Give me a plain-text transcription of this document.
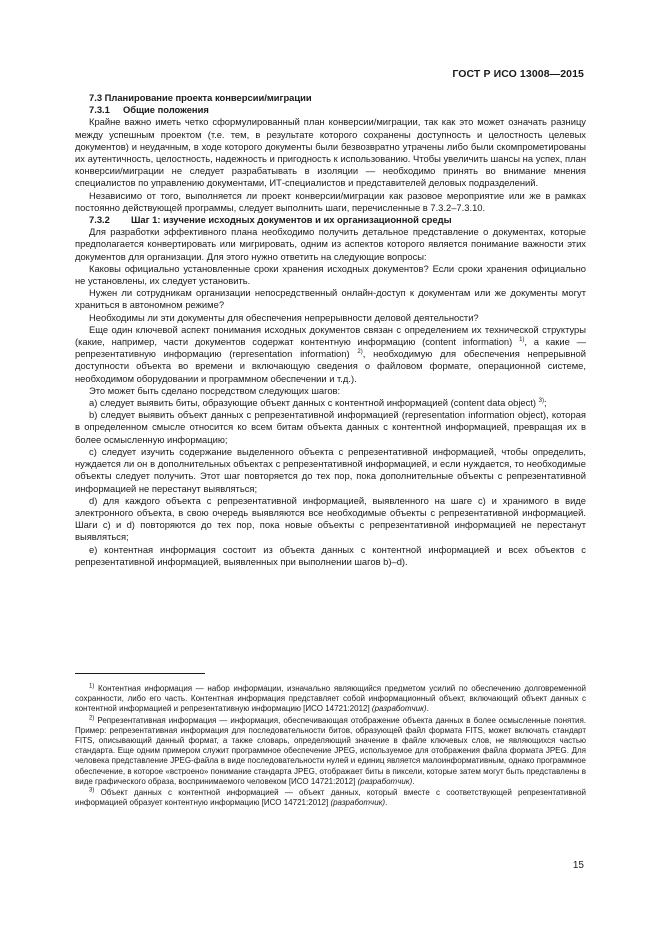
ГОСТ Р ИСО 13008—2015

7.3 Планирование проекта конверсии/миграции

7.3.1	Общие положения

Крайне важно иметь четко сформулированный план конверсии/миграции, так как это может означать разницу между успешным проектом (т.е. тем, в результате которого сохранены доступность и целостность целевых документов) и неудачным, в ходе которого документы были безвозвратно утрачены либо были скомпрометированы их аутентичность, целостность, надежность и пригодность к использованию. Чтобы увеличить шансы на успех, план конверсии/миграции не следует разрабатывать в изоляции — необходимо принять во внимание мнения специалистов по управлению документами, ИТ-специалистов и представителей деловых подразделений.

Независимо от того, выполняется ли проект конверсии/миграции как разовое мероприятие или же в рамках постоянно действующей программы, следует выполнить шаги, перечисленные в 7.3.2–7.3.10.

7.3.2	Шаг 1: изучение исходных документов и их организационной среды

Для разработки эффективного плана необходимо получить детальное представление о документах, которые предполагается конвертировать или мигрировать, одним из аспектов которого является понимание важности этих документов для организации. Для этого нужно ответить на следующие вопросы:

Каковы официально установленные сроки хранения исходных документов? Если сроки хранения официально не установлены, их следует установить.

Нужен ли сотрудникам организации непосредственный онлайн-доступ к документам или же документы могут храниться в автономном режиме?

Необходимы ли эти документы для обеспечения непрерывности деловой деятельности?

Еще один ключевой аспект понимания исходных документов связан с определением их технической структуры (какие, например, части документов содержат контентную информацию (content information) $^{1)}$, а какие — репрезентативную информацию (representation information) $^{2)}$, необходимую для обеспечения непрерывной доступности объекта во времени и включающую сведения о файловом формате, операционной системе, необходимом оборудовании и программном обеспечении и т.д.).

Это может быть сделано посредством следующих шагов:

а) следует выявить биты, образующие объект данных с контентной информацией (content data object) $^{3)}$;

b) следует выявить объект данных с репрезентативной информацией (representation information object), которая в определенном смысле относится ко всем битам объекта данных с контентной информацией, превращая их в более осмысленную информацию;

с) следует изучить содержание выделенного объекта с репрезентативной информацией, чтобы определить, нуждается ли он в дополнительных объектах с репрезентативной информацией, и если нуждается, то необходимые объекты следует получить. Этот шаг повторяется до тех пор, пока дополнительные объекты с репрезентативной информацией не перестанут выявляться;

d) для каждого объекта с репрезентативной информацией, выявленного на шаге с) и хранимого в виде электронного объекта, в свою очередь выявляются все необходимые объекты с репрезентативной информацией. Шаги с) и d) повторяются до тех пор, пока новые объекты с репрезентативной информацией не перестанут выявляться;

е) контентная информация состоит из объекта данных с контентной информацией и всех объектов с репрезентативной информацией, выявленных при выполнении шагов b)–d).

$^{1)}$ Контентная информация — набор информации, изначально являющийся предметом усилий по обеспечению долговременной сохранности, либо его часть. Контентная информация представляет собой информационный объект, включающий объект данных с контентной информацией и репрезентативную информацию [ИСО 14721:2012] (разработчик).

$^{2)}$ Репрезентативная информация — информация, обеспечивающая отображение объекта данных в более осмысленные понятия. Пример: репрезентативная информация для последовательности битов, образующей файл формата FITS, может включать стандарт FITS, описывающий данный формат, а также словарь, определяющий значение в файле ключевых слов, не являющихся частью стандарта. Еще одним примером служит программное обеспечение JPEG, используемое для отображения файла формата JPEG. Для человека представление JPEG-файла в виде последовательности нулей и единиц является малоинформативным, однако программное обеспечение, в которое «встроено» понимание стандарта JPEG, отображает биты в пиксели, которые затем могут быть представлены в виде графического образа, воспринимаемого человеком [ИСО 14721:2012] (разработчик).

$^{3)}$ Объект данных с контентной информацией — объект данных, который вместе с соответствующей репрезентативной информацией образует контентную информацию [ИСО 14721:2012] (разработчик).

15
